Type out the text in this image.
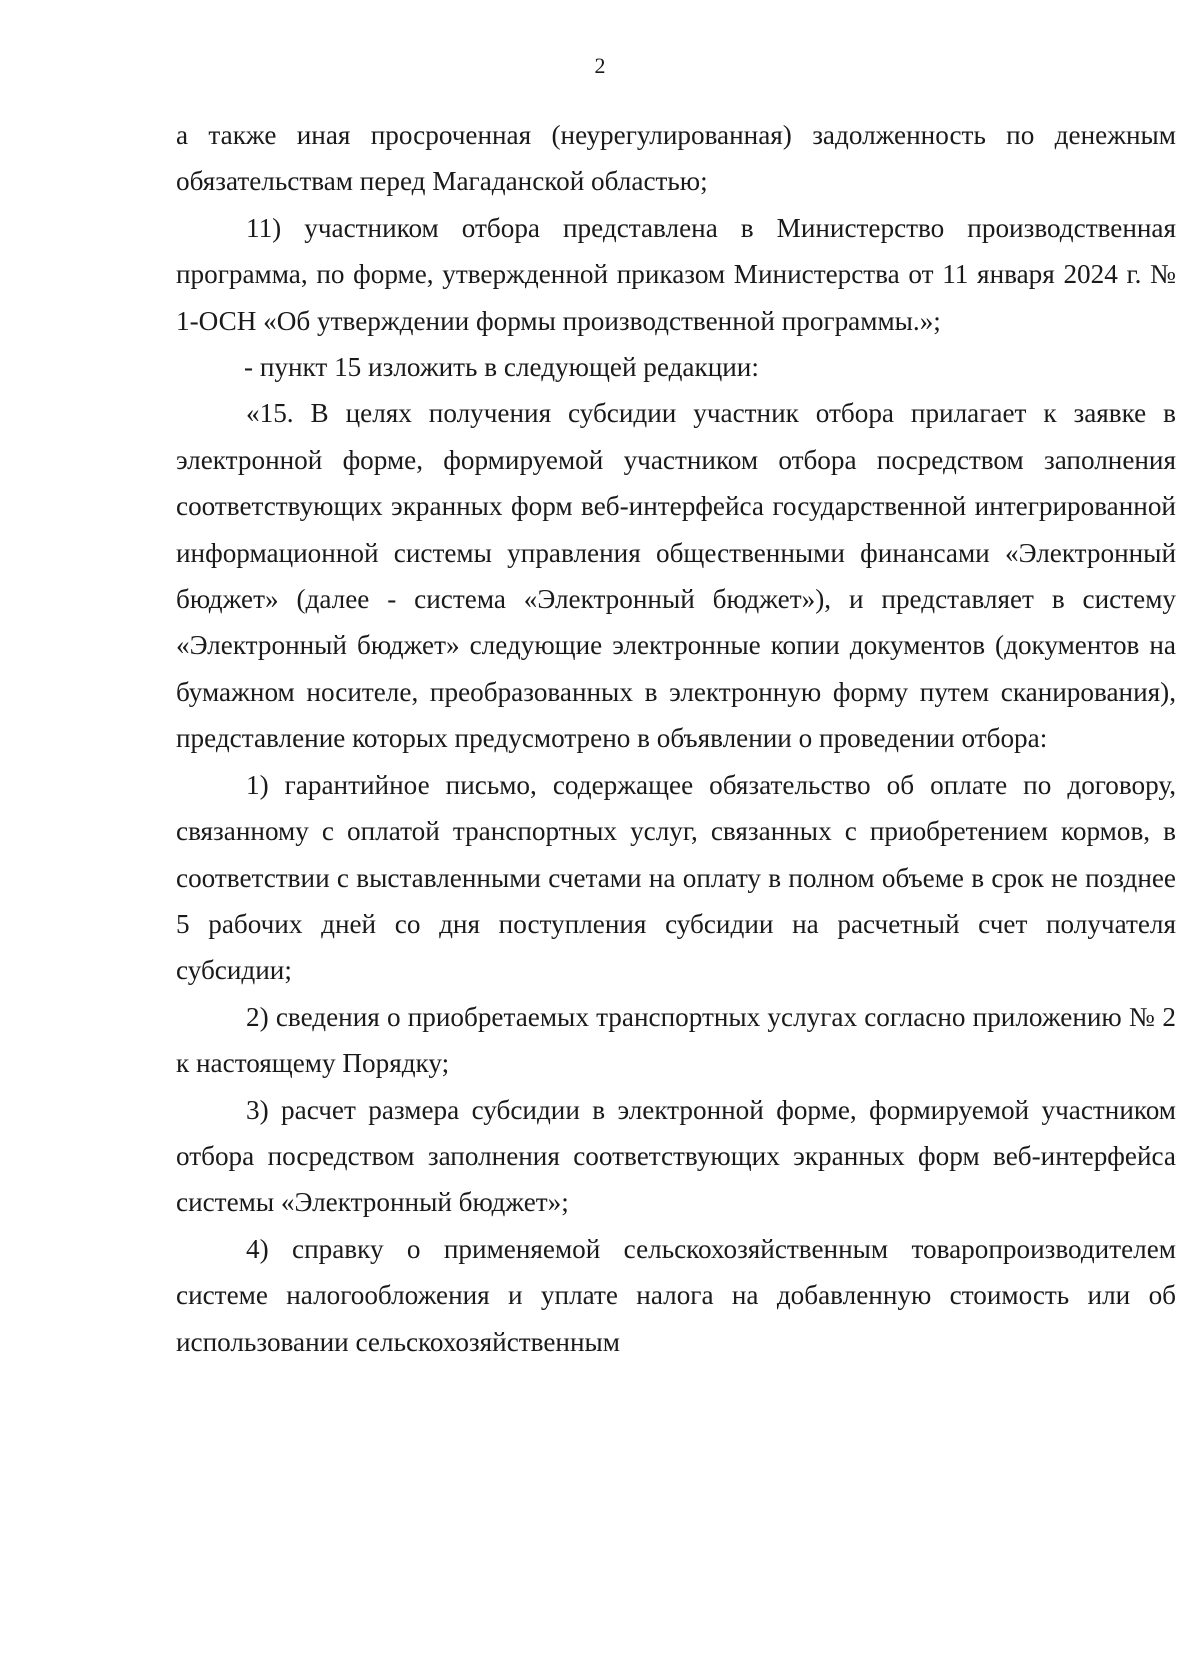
2

а также иная просроченная (неурегулированная) задолженность по денежным обязательствам перед Магаданской областью;

11) участником отбора представлена в Министерство производственная программа, по форме, утвержденной приказом Министерства от 11 января 2024 г. № 1-ОСН «Об утверждении формы производственной программы.»;

- пункт 15 изложить в следующей редакции:

«15. В целях получения субсидии участник отбора прилагает к заявке в электронной форме, формируемой участником отбора посредством заполнения соответствующих экранных форм веб-интерфейса государственной интегрированной информационной системы управления общественными финансами «Электронный бюджет» (далее - система «Электронный бюджет»), и представляет в систему «Электронный бюджет» следующие электронные копии документов (документов на бумажном носителе, преобразованных в электронную форму путем сканирования), представление которых предусмотрено в объявлении о проведении отбора:

1) гарантийное письмо, содержащее обязательство об оплате по договору, связанному с оплатой транспортных услуг, связанных с приобретением кормов, в соответствии с выставленными счетами на оплату в полном объеме в срок не позднее 5 рабочих дней со дня поступления субсидии на расчетный счет получателя субсидии;

2) сведения о приобретаемых транспортных услугах согласно приложению № 2 к настоящему Порядку;

3) расчет размера субсидии в электронной форме, формируемой участником отбора посредством заполнения соответствующих экранных форм веб-интерфейса системы «Электронный бюджет»;

4) справку о применяемой сельскохозяйственным товаропроизводителем системе налогообложения и уплате налога на добавленную стоимость или об использовании сельскохозяйственным
